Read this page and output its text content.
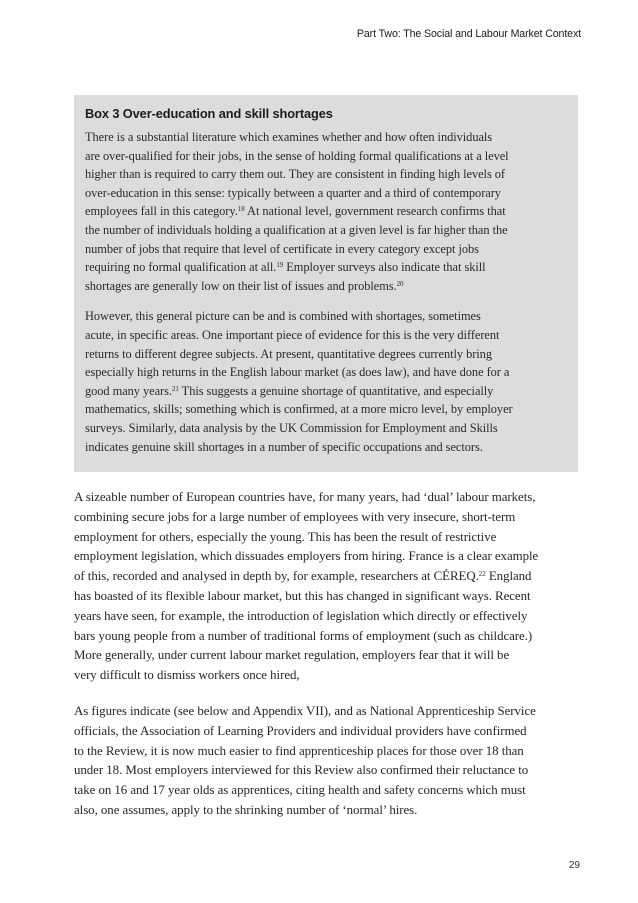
Part Two: The Social and Labour Market Context
Box 3 Over-education and skill shortages

There is a substantial literature which examines whether and how often individuals
are over-qualified for their jobs, in the sense of holding formal qualifications at a level
higher than is required to carry them out. They are consistent in finding high levels of
over-education in this sense: typically between a quarter and a third of contemporary
employees fall in this category.$^{18}$ At national level, government research confirms that
the number of individuals holding a qualification at a given level is far higher than the
number of jobs that require that level of certificate in every category except jobs
requiring no formal qualification at all.$^{19}$ Employer surveys also indicate that skill
shortages are generally low on their list of issues and problems.$^{20}$

However, this general picture can be and is combined with shortages, sometimes
acute, in specific areas. One important piece of evidence for this is the very different
returns to different degree subjects. At present, quantitative degrees currently bring
especially high returns in the English labour market (as does law), and have done for a
good many years.$^{21}$ This suggests a genuine shortage of quantitative, and especially
mathematics, skills; something which is confirmed, at a more micro level, by employer
surveys. Similarly, data analysis by the UK Commission for Employment and Skills
indicates genuine skill shortages in a number of specific occupations and sectors.

A sizeable number of European countries have, for many years, had ‘dual’ labour markets,
combining secure jobs for a large number of employees with very insecure, short-term
employment for others, especially the young. This has been the result of restrictive
employment legislation, which dissuades employers from hiring. France is a clear example
of this, recorded and analysed in depth by, for example, researchers at CÉREQ.$^{22}$ England
has boasted of its flexible labour market, but this has changed in significant ways. Recent
years have seen, for example, the introduction of legislation which directly or effectively
bars young people from a number of traditional forms of employment (such as childcare.)
More generally, under current labour market regulation, employers fear that it will be
very difficult to dismiss workers once hired,

As figures indicate (see below and Appendix VII), and as National Apprenticeship Service
officials, the Association of Learning Providers and individual providers have confirmed
to the Review, it is now much easier to find apprenticeship places for those over 18 than
under 18. Most employers interviewed for this Review also confirmed their reluctance to
take on 16 and 17 year olds as apprentices, citing health and safety concerns which must
also, one assumes, apply to the shrinking number of ‘normal’ hires.

29
